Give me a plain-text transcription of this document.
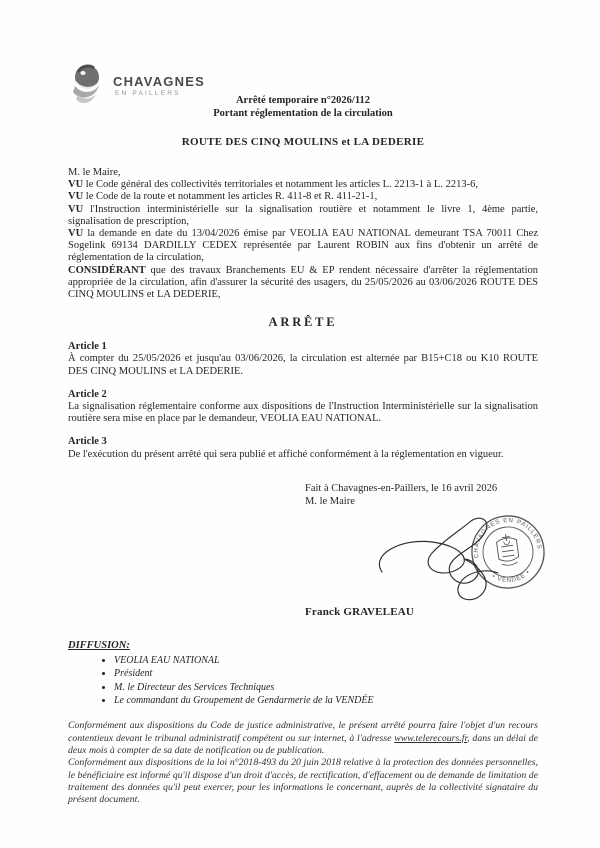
CHAVAGNES
EN PAILLERS
Arrêté temporaire n°2026/112
Portant réglementation de la circulation
ROUTE DES CINQ MOULINS et LA DEDERIE

M. le Maire,

VU le Code général des collectivités territoriales et notamment les articles L. 2213-1 à L. 2213-6,

VU le Code de la route et notamment les articles R. 411-8 et R. 411-21-1,

VU l'Instruction interministérielle sur la signalisation routière et notamment le livre 1, 4ème partie, signalisation de prescription,

VU la demande en date du 13/04/2026 émise par VEOLIA EAU NATIONAL demeurant TSA 70011 Chez Sogelink 69134 DARDILLY CEDEX représentée par Laurent ROBIN aux fins d'obtenir un arrêté de réglementation de la circulation,

CONSIDÉRANT que des travaux Branchements EU & EP rendent nécessaire d'arrêter la réglementation appropriée de la circulation, afin d'assurer la sécurité des usagers, du 25/05/2026 au 03/06/2026 ROUTE DES CINQ MOULINS et LA DEDERIE,

ARRÊTE
Article 1

À compter du 25/05/2026 et jusqu'au 03/06/2026, la circulation est alternée par B15+C18 ou K10 ROUTE DES CINQ MOULINS et LA DEDERIE.

Article 2

La signalisation réglementaire conforme aux dispositions de l'Instruction Interministérielle sur la signalisation routière sera mise en place par le demandeur, VEOLIA EAU NATIONAL.

Article 3

De l'exécution du présent arrêté qui sera publié et affiché conformément à la réglementation en vigueur.

Fait à Chavagnes-en-Paillers, le 16 avril 2026
M. le Maire
CHAVAGNES EN PAILLERS
• VENDÉE •
Franck GRAVELEAU
DIFFUSION:
• VEOLIA EAU NATIONAL
• Président
• M. le Directeur des Services Techniques
• Le commandant du Groupement de Gendarmerie de la VENDÉE

Conformément aux dispositions du Code de justice administrative, le présent arrêté pourra faire l'objet d'un recours contentieux devant le tribunal administratif compétent ou sur internet, à l'adresse www.telerecours.fr, dans un délai de deux mois à compter de sa date de notification ou de publication.

Conformément aux dispositions de la loi n°2018-493 du 20 juin 2018 relative à la protection des données personnelles, le bénéficiaire est informé qu'il dispose d'un droit d'accès, de rectification, d'effacement ou de demande de limitation de traitement des données qu'il peut exercer, pour les informations le concernant, auprès de la collectivité signataire du présent document.
